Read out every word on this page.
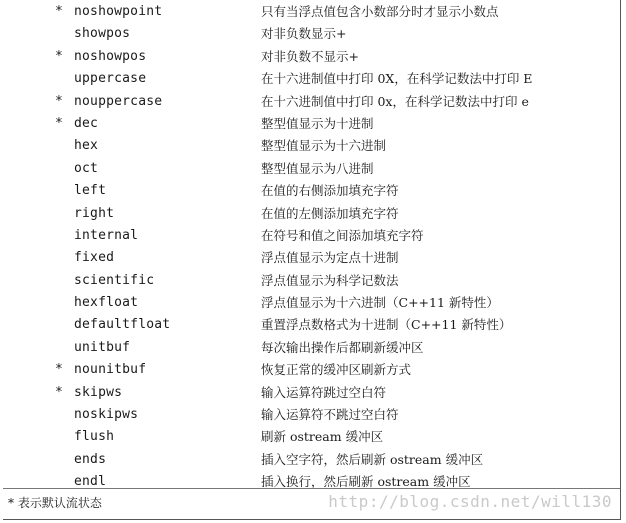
* noshowpoint	只有当浮点值包含小数部分时才显示小数点
showpos	对非负数显示+
* noshowpos	对非负数不显示+
uppercase	在十六进制值中打印 0X，在科学记数法中打印 E
* nouppercase	在十六进制值中打印 0x，在科学记数法中打印 e
* dec	整型值显示为十进制
hex	整型值显示为十六进制
oct	整型值显示为八进制
left	在值的右侧添加填充字符
right	在值的左侧添加填充字符
internal	在符号和值之间添加填充字符
fixed	浮点值显示为定点十进制
scientific	浮点值显示为科学记数法
hexfloat	浮点值显示为十六进制（C++11 新特性）
defaultfloat	重置浮点数格式为十进制（C++11 新特性）
unitbuf	每次输出操作后都刷新缓冲区
* nounitbuf	恢复正常的缓冲区刷新方式
* skipws	输入运算符跳过空白符
noskipws	输入运算符不跳过空白符
flush	刷新 ostream 缓冲区
ends	插入空字符，然后刷新 ostream 缓冲区
endl	插入换行，然后刷新 ostream 缓冲区
* 表示默认流状态	http://blog.csdn.net/will130
